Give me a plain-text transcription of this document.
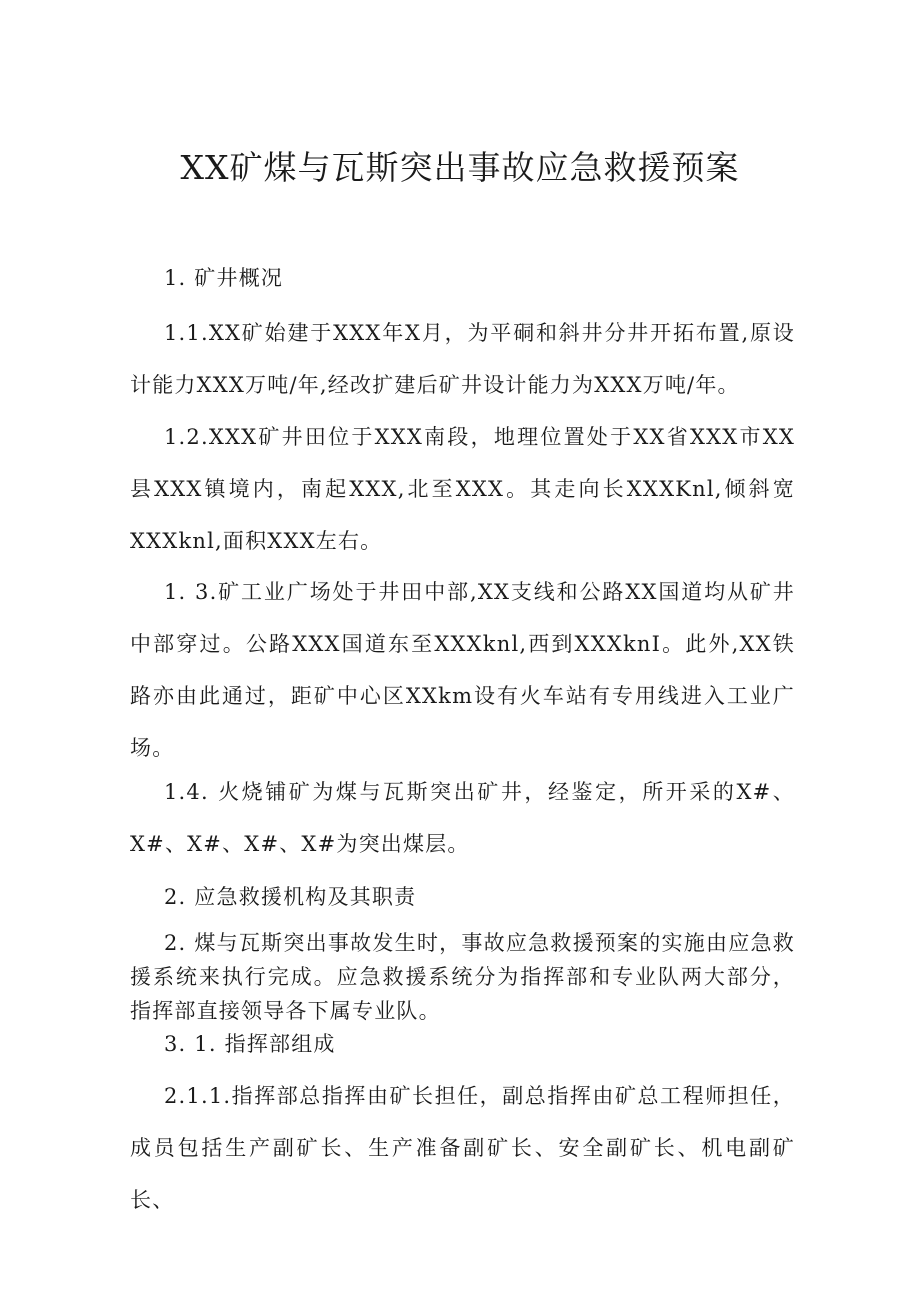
XX矿煤与瓦斯突出事故应急救援预案

1. 矿井概况

1.1.XX矿始建于XXX年X月，为平硐和斜井分井开拓布置,原设计能力XXX万吨/年,经改扩建后矿井设计能力为XXX万吨/年。

1.2.XXX矿井田位于XXX南段，地理位置处于XX省XXX市XX县XXX镇境内，南起XXX,北至XXX。其走向长XXXKnl,倾斜宽XXXknl,面积XXX左右。

1. 3.矿工业广场处于井田中部,XX支线和公路XX国道均从矿井中部穿过。公路XXX国道东至XXXknl,西到XXXknI。此外,XX铁路亦由此通过，距矿中心区XXkm设有火车站有专用线进入工业广场。

1.4. 火烧铺矿为煤与瓦斯突出矿井，经鉴定，所开采的X#、X#、X#、X#、X#为突出煤层。

2. 应急救援机构及其职责

2. 煤与瓦斯突出事故发生时，事故应急救援预案的实施由应急救援系统来执行完成。应急救援系统分为指挥部和专业队两大部分，指挥部直接领导各下属专业队。

3. 1. 指挥部组成

2.1.1.指挥部总指挥由矿长担任，副总指挥由矿总工程师担任，成员包括生产副矿长、生产准备副矿长、安全副矿长、机电副矿长、
